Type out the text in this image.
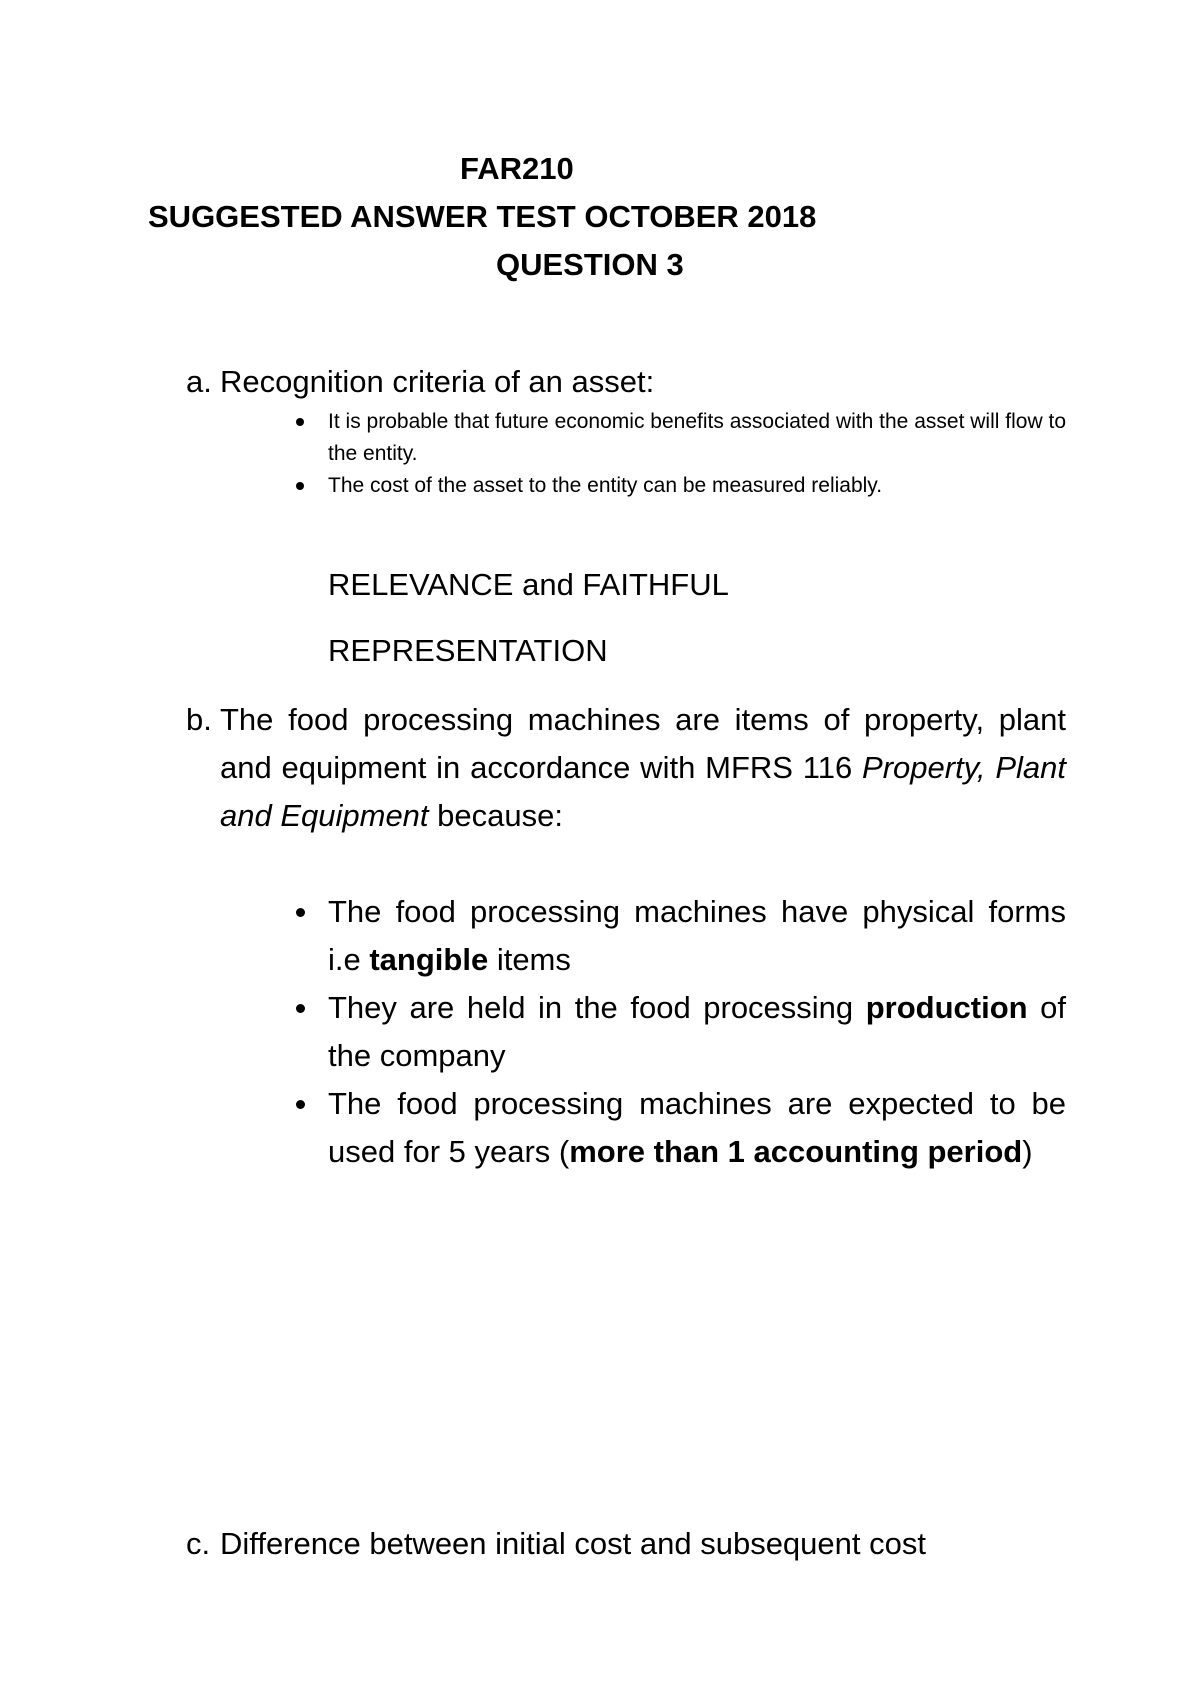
FAR210
SUGGESTED ANSWER TEST OCTOBER 2018
QUESTION 3
a. Recognition criteria of an asset:
It is probable that future economic benefits associated with the asset will flow to the entity.
The cost of the asset to the entity can be measured reliably.
RELEVANCE and FAITHFUL
REPRESENTATION
b. The food processing machines are items of property, plant and equipment in accordance with MFRS 116 Property, Plant and Equipment because:
The food processing machines have physical forms i.e tangible items
They are held in the food processing production of the company
The food processing machines are expected to be used for 5 years (more than 1 accounting period)
c. Difference between initial cost and subsequent cost
